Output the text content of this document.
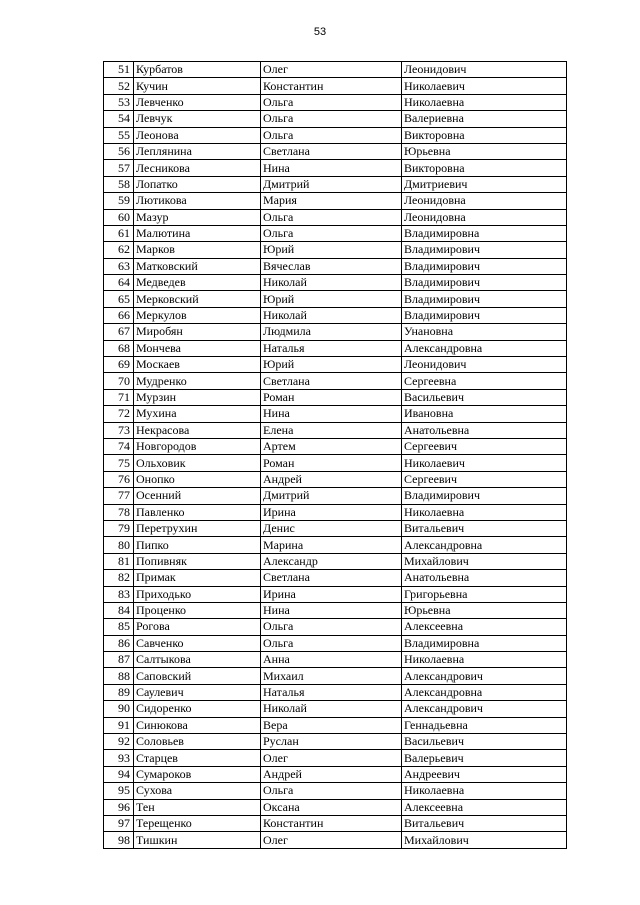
53
51	Курбатов	Олег	Леонидович
52	Кучин	Константин	Николаевич
53	Левченко	Ольга	Николаевна
54	Левчук	Ольга	Валериевна
55	Леонова	Ольга	Викторовна
56	Леплянина	Светлана	Юрьевна
57	Лесникова	Нина	Викторовна
58	Лопатко	Дмитрий	Дмитриевич
59	Лютикова	Мария	Леонидовна
60	Мазур	Ольга	Леонидовна
61	Малютина	Ольга	Владимировна
62	Марков	Юрий	Владимирович
63	Матковский	Вячеслав	Владимирович
64	Медведев	Николай	Владимирович
65	Мерковский	Юрий	Владимирович
66	Меркулов	Николай	Владимирович
67	Миробян	Людмила	Унановна
68	Мончева	Наталья	Александровна
69	Москаев	Юрий	Леонидович
70	Мудренко	Светлана	Сергеевна
71	Мурзин	Роман	Васильевич
72	Мухина	Нина	Ивановна
73	Некрасова	Елена	Анатольевна
74	Новгородов	Артем	Сергеевич
75	Ольховик	Роман	Николаевич
76	Онопко	Андрей	Сергеевич
77	Осенний	Дмитрий	Владимирович
78	Павленко	Ирина	Николаевна
79	Перетрухин	Денис	Витальевич
80	Пипко	Марина	Александровна
81	Попивняк	Александр	Михайлович
82	Примак	Светлана	Анатольевна
83	Приходько	Ирина	Григорьевна
84	Проценко	Нина	Юрьевна
85	Рогова	Ольга	Алексеевна
86	Савченко	Ольга	Владимировна
87	Салтыкова	Анна	Николаевна
88	Саповский	Михаил	Александрович
89	Саулевич	Наталья	Александровна
90	Сидоренко	Николай	Александрович
91	Синюкова	Вера	Геннадьевна
92	Соловьев	Руслан	Васильевич
93	Старцев	Олег	Валерьевич
94	Сумароков	Андрей	Андреевич
95	Сухова	Ольга	Николаевна
96	Тен	Оксана	Алексеевна
97	Терещенко	Константин	Витальевич
98	Тишкин	Олег	Михайлович
